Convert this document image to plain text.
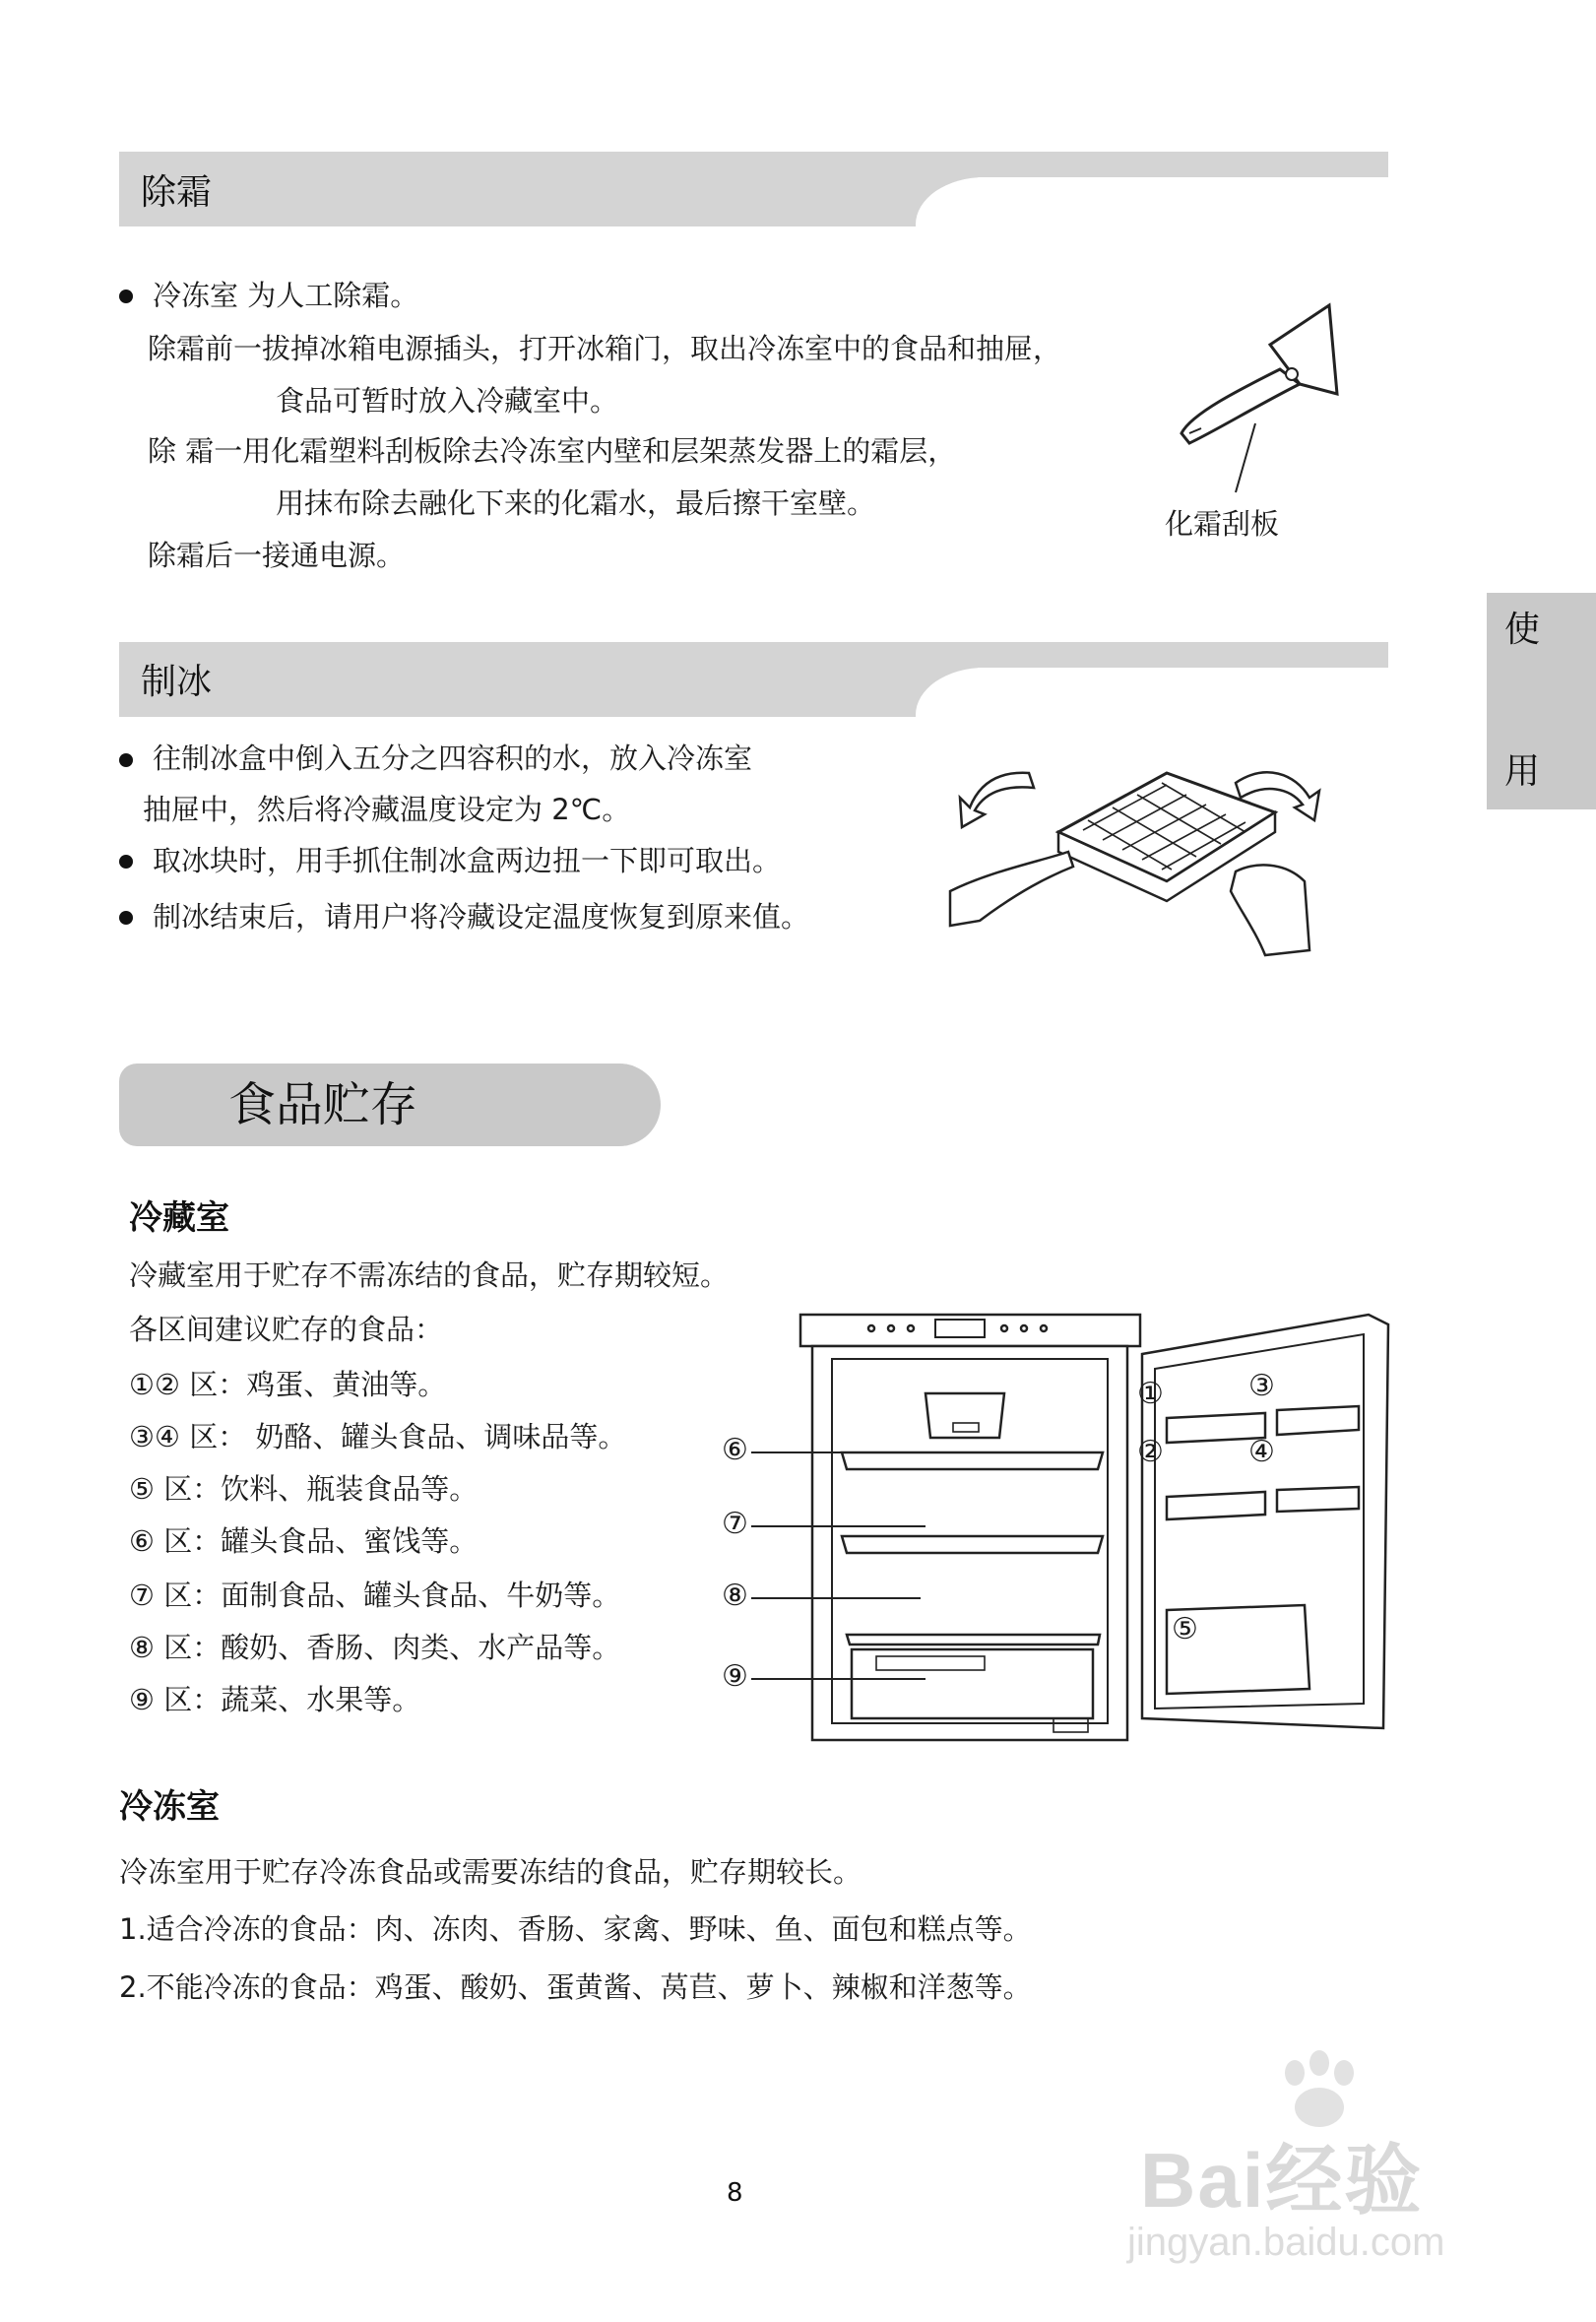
除霜
冷冻室 为人工除霜。
除霜前一拔掉冰箱电源插头，打开冰箱门，取出冷冻室中的食品和抽屉，
食品可暂时放入冷藏室中。
除 霜一用化霜塑料刮板除去冷冻室内壁和层架蒸发器上的霜层，
用抹布除去融化下来的化霜水，最后擦干室壁。
除霜后一接通电源。
化霜刮板
使
用
制冰
往制冰盒中倒入五分之四容积的水，放入冷冻室
抽屉中，然后将冷藏温度设定为 2℃。
取冰块时，用手抓住制冰盒两边扭一下即可取出。
制冰结束后，请用户将冷藏设定温度恢复到原来值。
食品贮存
冷藏室
冷藏室用于贮存不需冻结的食品，贮存期较短。
各区间建议贮存的食品：
①② 区：鸡蛋、黄油等。
③④ 区： 奶酪、罐头食品、调味品等。
⑤ 区：饮料、瓶装食品等。
⑥ 区：罐头食品、蜜饯等。
⑦ 区：面制食品、罐头食品、牛奶等。
⑧ 区：酸奶、香肠、肉类、水产品等。
⑨ 区：蔬菜、水果等。
①
②
③
④
⑤
⑥
⑦
⑧
⑨
冷冻室
冷冻室用于贮存冷冻食品或需要冻结的食品，贮存期较长。
1.适合冷冻的食品：肉、冻肉、香肠、家禽、野味、鱼、面包和糕点等。
2.不能冷冻的食品：鸡蛋、酸奶、蛋黄酱、莴苣、萝卜、辣椒和洋葱等。
8	Bai经验
jingyan.baidu.com
